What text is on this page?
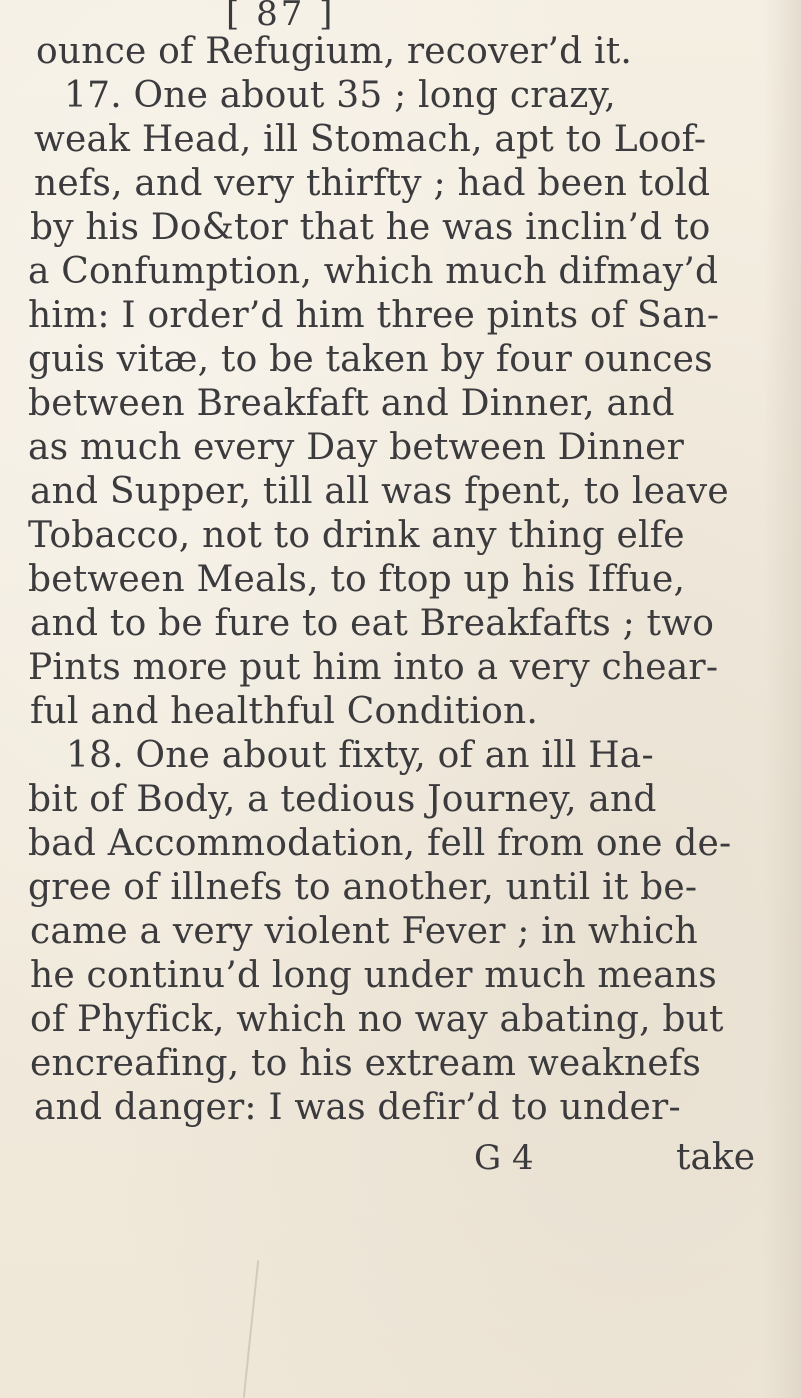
[ 87 ]
ounce of Refugium, recover’d it.
17. One about 35 ; long crazy,
weak Head, ill Stomach, apt to Loof-
nefs, and very thirfty ; had been told
by his Do&tor that he was inclin’d to
a Confumption, which much difmay’d
him: I order’d him three pints of San-
guis vitæ, to be taken by four ounces
between Breakfaft and Dinner, and
as much every Day between Dinner
and Supper, till all was fpent, to leave
Tobacco, not to drink any thing elfe
between Meals, to ftop up his Iffue,
and to be fure to eat Breakfafts ; two
Pints more put him into a very chear-
ful and healthful Condition.
18. One about fixty, of an ill Ha-
bit of Body, a tedious Journey, and
bad Accommodation, fell from one de-
gree of illnefs to another, until it be-
came a very violent Fever ; in which
he continu’d long under much means
of Phyfick, which no way abating, but
encreafing, to his extream weaknefs
and danger: I was defir’d to under-
G 4	take
